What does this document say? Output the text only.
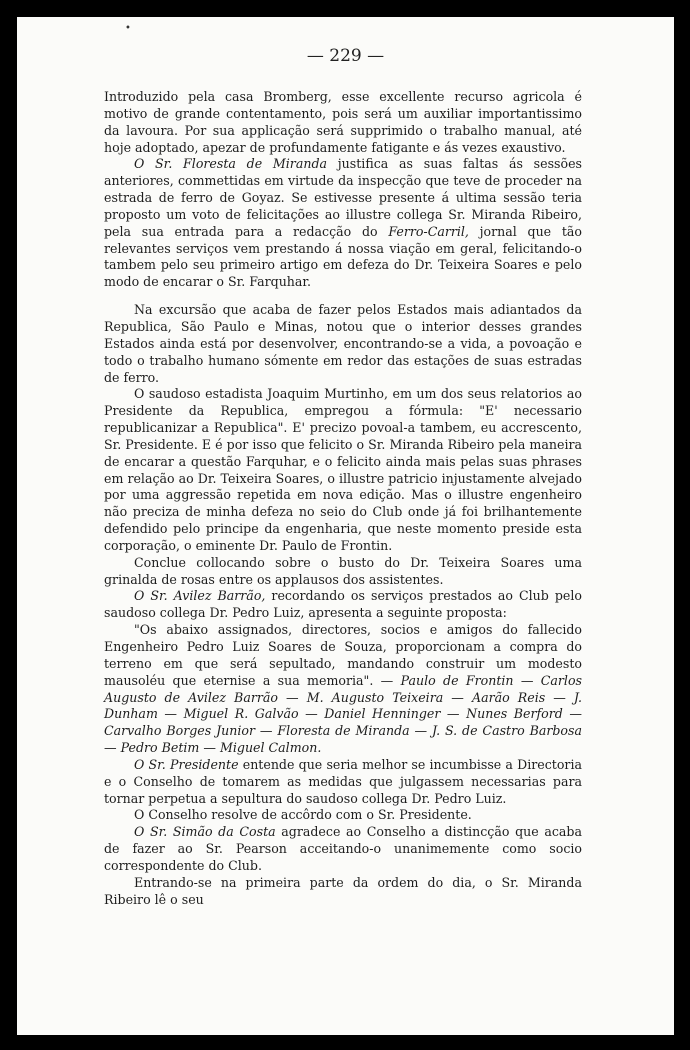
— 229 —
•

Introduzido pela casa Bromberg, esse excellente recurso agricola é motivo de grande contentamento, pois será um auxiliar importantissimo da lavoura. Por sua applicação será supprimido o trabalho manual, até hoje adoptado, apezar de profundamente fatigante e ás vezes exaustivo.

O Sr. Floresta de Miranda justifica as suas faltas ás sessões anteriores, commettidas em virtude da inspecção que teve de proceder na estrada de ferro de Goyaz. Se estivesse presente á ultima sessão teria proposto um voto de felicitações ao illustre collega Sr. Miranda Ribeiro, pela sua entrada para a redacção do Ferro-Carril, jornal que tão relevantes serviços vem prestando á nossa viação em geral, felicitando-o tambem pelo seu primeiro artigo em defeza do Dr. Teixeira Soares e pelo modo de encarar o Sr. Farquhar.

Na excursão que acaba de fazer pelos Estados mais adiantados da Republica, São Paulo e Minas, notou que o interior desses grandes Estados ainda está por desenvolver, encontrando-se a vida, a povoação e todo o trabalho humano sómente em redor das estações de suas estradas de ferro.

O saudoso estadista Joaquim Murtinho, em um dos seus relatorios ao Presidente da Republica, empregou a fórmula: "E' necessario republicanizar a Republica". E' precizo povoal-a tambem, eu accrescento, Sr. Presidente. E é por isso que felicito o Sr. Miranda Ribeiro pela maneira de encarar a questão Farquhar, e o felicito ainda mais pelas suas phrases em relação ao Dr. Teixeira Soares, o illustre patricio injustamente alvejado por uma aggressão repetida em nova edição. Mas o illustre engenheiro não preciza de minha defeza no seio do Club onde já foi brilhantemente defendido pelo principe da engenharia, que neste momento preside esta corporação, o eminente Dr. Paulo de Frontin.

Conclue collocando sobre o busto do Dr. Teixeira Soares uma grinalda de rosas entre os applausos dos assistentes.

O Sr. Avilez Barrão, recordando os serviços prestados ao Club pelo saudoso collega Dr. Pedro Luiz, apresenta a seguinte proposta:

"Os abaixo assignados, directores, socios e amigos do fallecido Engenheiro Pedro Luiz Soares de Souza, proporcionam a compra do terreno em que será sepultado, mandando construir um modesto mausoléu que eternise a sua memoria". — Paulo de Frontin — Carlos Augusto de Avilez Barrão — M. Augusto Teixeira — Aarão Reis — J. Dunham — Miguel R. Galvão — Daniel Henninger — Nunes Berford — Carvalho Borges Junior — Floresta de Miranda — J. S. de Castro Barbosa — Pedro Betim — Miguel Calmon.

O Sr. Presidente entende que seria melhor se incumbisse a Directoria e o Conselho de tomarem as medidas que julgassem necessarias para tornar perpetua a sepultura do saudoso collega Dr. Pedro Luiz.

O Conselho resolve de accôrdo com o Sr. Presidente.

O Sr. Simão da Costa agradece ao Conselho a distincção que acaba de fazer ao Sr. Pearson acceitando-o unanimemente como socio correspondente do Club.

Entrando-se na primeira parte da ordem do dia, o Sr. Miranda Ribeiro lê o seu
